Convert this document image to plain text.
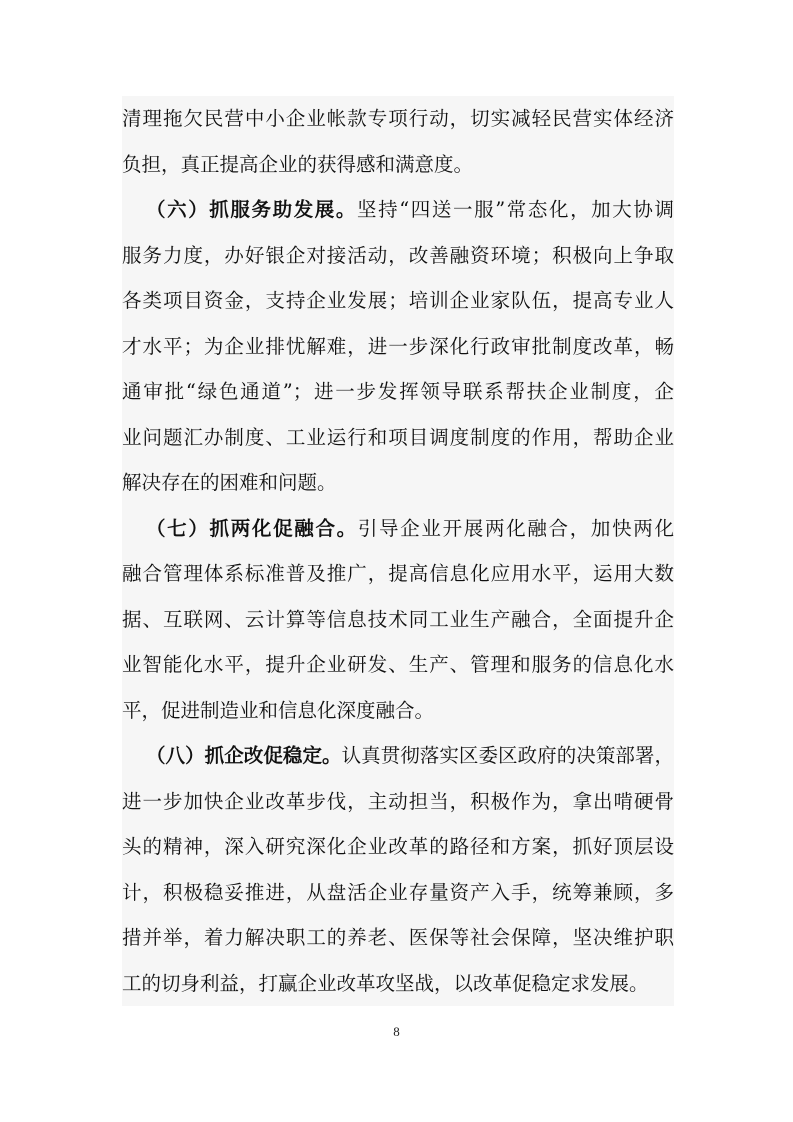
清理拖欠民营中小企业帐款专项行动，切实减轻民营实体经济
负担，真正提高企业的获得感和满意度。
（六）抓服务助发展。坚持“四送一服”常态化，加大协调
服务力度，办好银企对接活动，改善融资环境；积极向上争取
各类项目资金，支持企业发展；培训企业家队伍，提高专业人
才水平；为企业排忧解难，进一步深化行政审批制度改革，畅
通审批“绿色通道”；进一步发挥领导联系帮扶企业制度，企
业问题汇办制度、工业运行和项目调度制度的作用，帮助企业
解决存在的困难和问题。
（七）抓两化促融合。引导企业开展两化融合，加快两化
融合管理体系标准普及推广，提高信息化应用水平，运用大数
据、互联网、云计算等信息技术同工业生产融合，全面提升企
业智能化水平，提升企业研发、生产、管理和服务的信息化水
平，促进制造业和信息化深度融合。
（八）抓企改促稳定。认真贯彻落实区委区政府的决策部署，
进一步加快企业改革步伐，主动担当，积极作为，拿出啃硬骨
头的精神，深入研究深化企业改革的路径和方案，抓好顶层设
计，积极稳妥推进，从盘活企业存量资产入手，统筹兼顾，多
措并举，着力解决职工的养老、医保等社会保障，坚决维护职
工的切身利益，打赢企业改革攻坚战，以改革促稳定求发展。
8
